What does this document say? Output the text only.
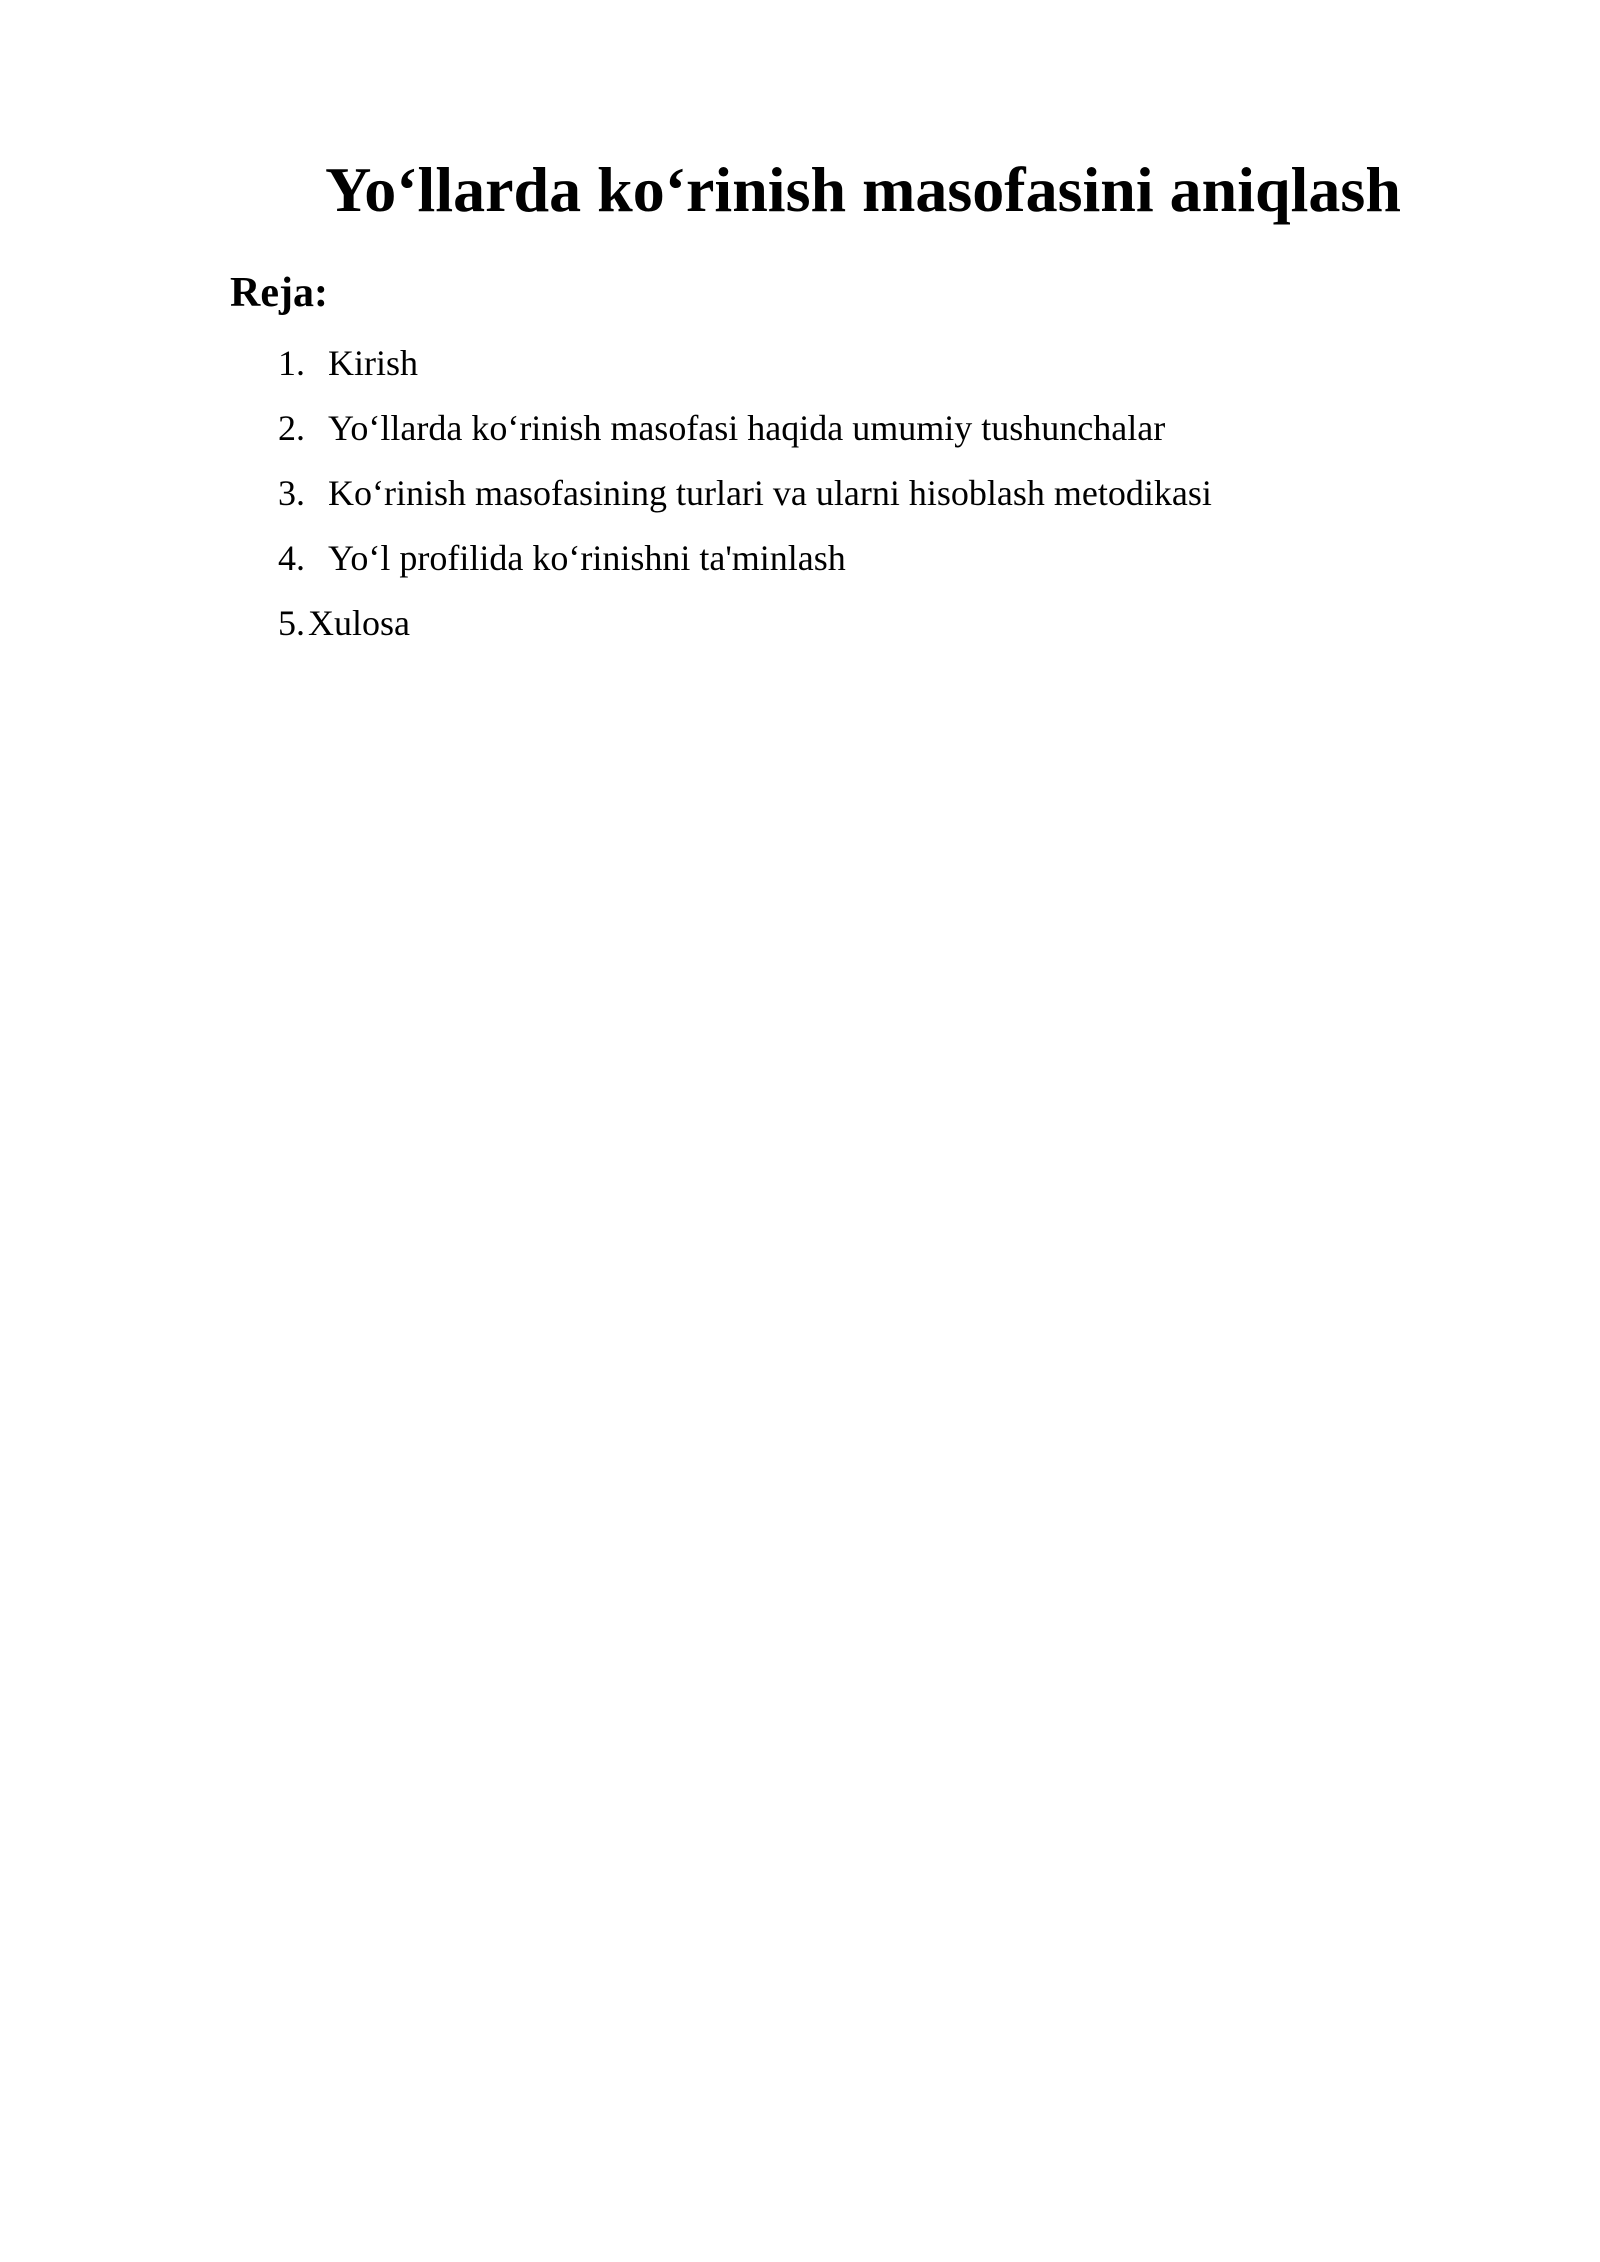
Yo‘llarda ko‘rinish masofasini aniqlash
Reja:
1. Kirish
2. Yo‘llarda ko‘rinish masofasi haqida umumiy tushunchalar
3. Ko‘rinish masofasining turlari va ularni hisoblash metodikasi
4. Yo‘l profilida ko‘rinishni ta'minlash
5. Xulosa
